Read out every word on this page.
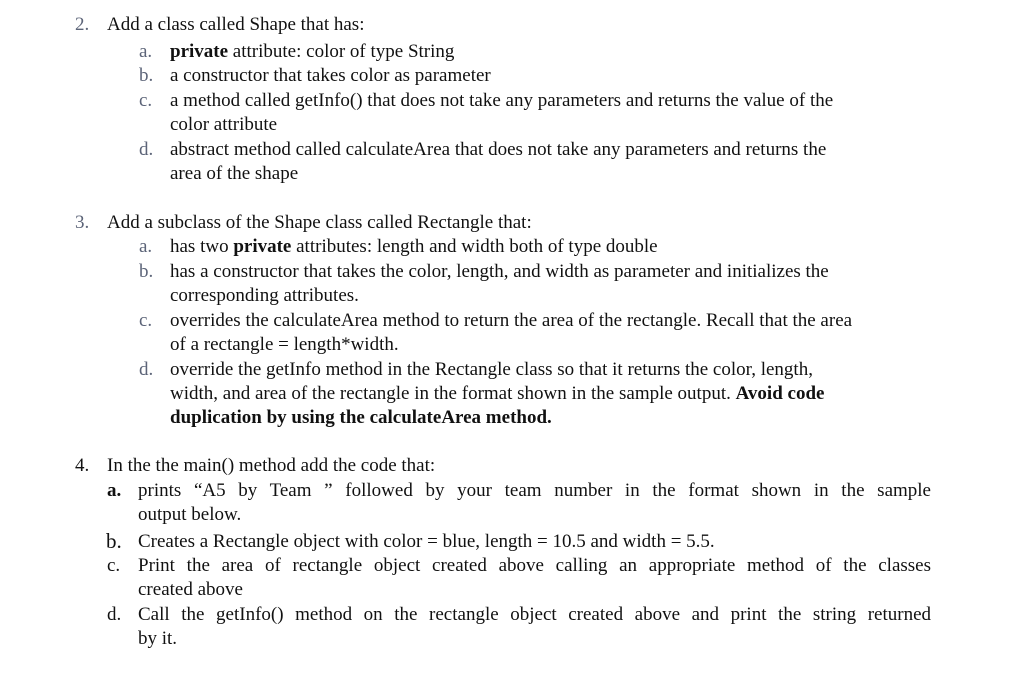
2. Add a class called Shape that has:
a. private attribute: color of type String
b. a constructor that takes color as parameter
c. a method called getInfo() that does not take any parameters and returns the value of the
color attribute
d. abstract method called calculateArea that does not take any parameters and returns the
area of the shape
3. Add a subclass of the Shape class called Rectangle that:
a. has two private attributes: length and width both of type double
b. has a constructor that takes the color, length, and width as parameter and initializes the
corresponding attributes.
c. overrides the calculateArea method to return the area of the rectangle. Recall that the area
of a rectangle = length*width.
d. override the getInfo method in the Rectangle class so that it returns the color, length,
width, and area of the rectangle in the format shown in the sample output. Avoid code
duplication by using the calculateArea method.
4. In the the main() method add the code that:
a. prints “A5 by Team ” followed by your team number in the format shown in the sample
output below.
b. Creates a Rectangle object with color = blue, length = 10.5 and width = 5.5.
c. Print the area of rectangle object created above calling an appropriate method of the classes
created above
d. Call the getInfo() method on the rectangle object created above and print the string returned
by it.
